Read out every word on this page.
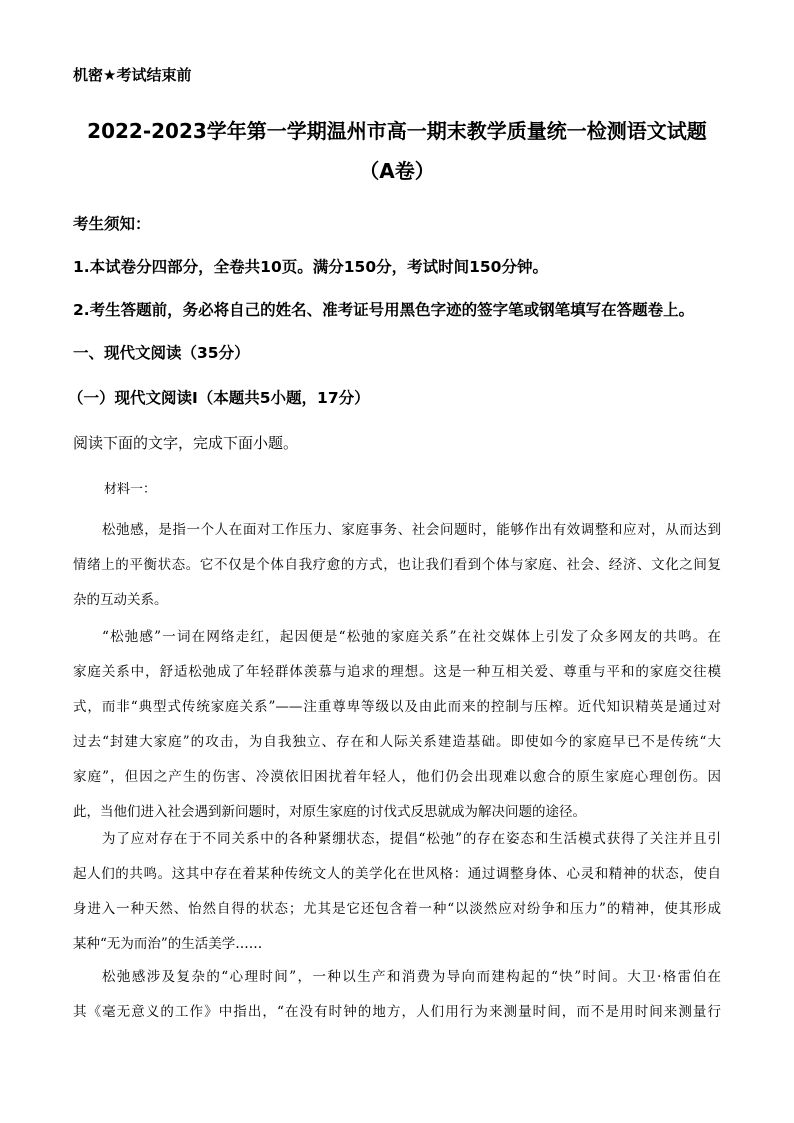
机密★考试结束前
2022-2023学年第一学期温州市高一期末教学质量统一检测语文试题
（A卷）
考生须知：
1.本试卷分四部分，全卷共10页。满分150分，考试时间150分钟。
2.考生答题前，务必将自己的姓名、准考证号用黑色字迹的签字笔或钢笔填写在答题卷上。
一、现代文阅读（35分）
（一）现代文阅读Ⅰ（本题共5小题，17分）
阅读下面的文字，完成下面小题。
材料一：
松弛感，是指一个人在面对工作压力、家庭事务、社会问题时，能够作出有效调整和应对，从而达到
情绪上的平衡状态。它不仅是个体自我疗愈的方式，也让我们看到个体与家庭、社会、经济、文化之间复
杂的互动关系。
“松弛感”一词在网络走红，起因便是“松弛的家庭关系”在社交媒体上引发了众多网友的共鸣。在
家庭关系中，舒适松弛成了年轻群体羡慕与追求的理想。这是一种互相关爱、尊重与平和的家庭交往模
式，而非“典型式传统家庭关系”——注重尊卑等级以及由此而来的控制与压榨。近代知识精英是通过对
过去“封建大家庭”的攻击，为自我独立、存在和人际关系建造基础。即使如今的家庭早已不是传统“大
家庭”，但因之产生的伤害、冷漠依旧困扰着年轻人，他们仍会出现难以愈合的原生家庭心理创伤。因
此，当他们进入社会遇到新问题时，对原生家庭的讨伐式反思就成为解决问题的途径。
为了应对存在于不同关系中的各种紧绷状态，提倡“松弛”的存在姿态和生活模式获得了关注并且引
起人们的共鸣。这其中存在着某种传统文人的美学化在世风格：通过调整身体、心灵和精神的状态，使自
身进入一种天然、怡然自得的状态；尤其是它还包含着一种“以淡然应对纷争和压力”的精神，使其形成
某种“无为而治”的生活美学……
松弛感涉及复杂的“心理时间”，一种以生产和消费为导向而建构起的“快”时间。大卫·格雷伯在
其《毫无意义的工作》中指出，“在没有时钟的地方，人们用行为来测量时间，而不是用时间来测量行
